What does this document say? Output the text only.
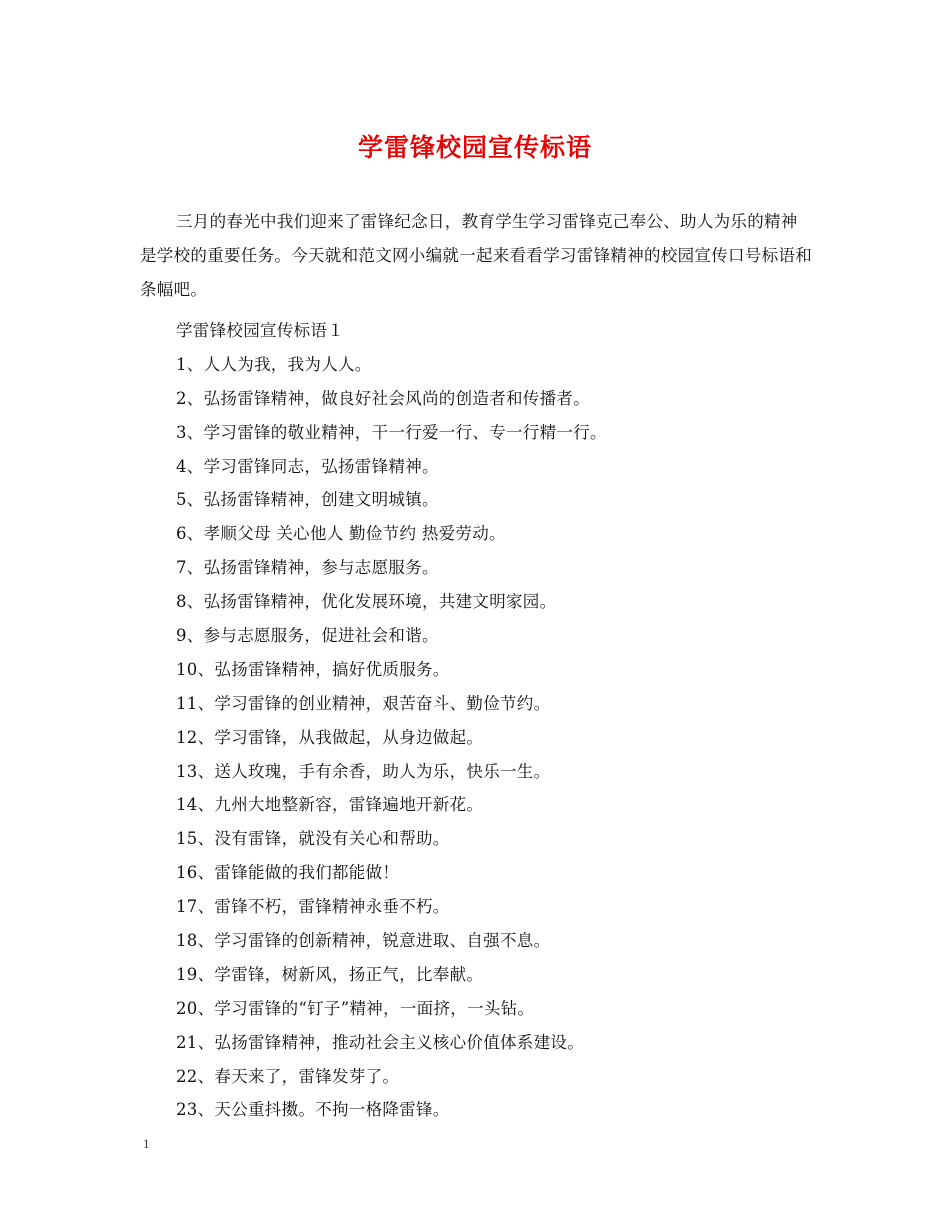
学雷锋校园宣传标语
三月的春光中我们迎来了雷锋纪念日，教育学生学习雷锋克己奉公、助人为乐的精神是学校的重要任务。今天就和范文网小编就一起来看看学习雷锋精神的校园宣传口号标语和条幅吧。
学雷锋校园宣传标语１
1、人人为我，我为人人。
2、弘扬雷锋精神，做良好社会风尚的创造者和传播者。
3、学习雷锋的敬业精神，干一行爱一行、专一行精一行。
4、学习雷锋同志，弘扬雷锋精神。
5、弘扬雷锋精神，创建文明城镇。
6、孝顺父母 关心他人 勤俭节约 热爱劳动。
7、弘扬雷锋精神，参与志愿服务。
8、弘扬雷锋精神，优化发展环境，共建文明家园。
9、参与志愿服务，促进社会和谐。
10、弘扬雷锋精神，搞好优质服务。
11、学习雷锋的创业精神，艰苦奋斗、勤俭节约。
12、学习雷锋，从我做起，从身边做起。
13、送人玫瑰，手有余香，助人为乐，快乐一生。
14、九州大地整新容，雷锋遍地开新花。
15、没有雷锋，就没有关心和帮助。
16、雷锋能做的我们都能做！
17、雷锋不朽，雷锋精神永垂不朽。
18、学习雷锋的创新精神，锐意进取、自强不息。
19、学雷锋，树新风，扬正气，比奉献。
20、学习雷锋的“钉子”精神，一面挤，一头钻。
21、弘扬雷锋精神，推动社会主义核心价值体系建设。
22、春天来了，雷锋发芽了。
23、天公重抖擞。不拘一格降雷锋。
1
